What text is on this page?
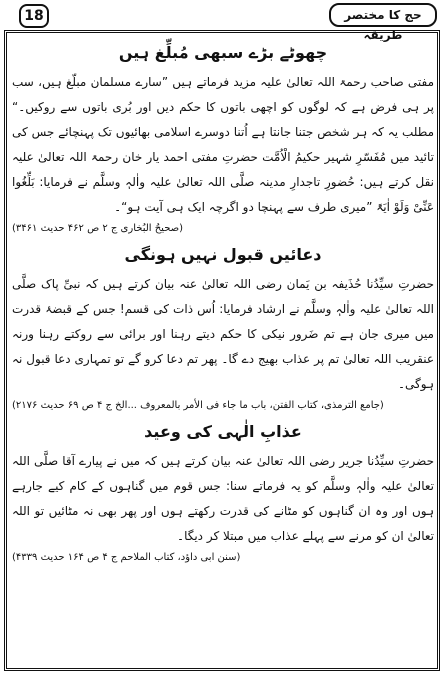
18	حج کا مختصر طریقہ
چھوٹے بڑے سبھی مُبلِّغ ہیں

مفتی صاحب رحمۃ اللہ تعالیٰ علیہ مزید فرماتے ہیں ”سارے مسلمان مبلّغ ہیں، سب پر ہی فرض ہے کہ لوگوں کو اچھی باتوں کا حکم دیں اور بُری باتوں سے روکیں۔“ مطلب یہ کہ ہر شخص جتنا جانتا ہے اُتنا دوسرے اسلامی بھائیوں تک پہنچائے جس کی تائید میں مُفَسّرِ شہیر حکیمُ الْاُمَّت حضرتِ مفتی احمد یار خان رحمۃ اللہ تعالیٰ علیہ نقل کرتے ہیں: حُضورِ تاجدارِ مدینہ صلَّی اللہ تعالیٰ علیہ واٰلہٖ وسلَّم نے فرمایا: بَلِّغُوا عَنِّیْ وَلَوْ اٰیَۃً ”میری طرف سے پہنچا دو اگرچہ ایک ہی آیت ہو“۔

(صحیحُ البُخاری ج ۲ ص ۴۶۲ حدیث ۳۴۶۱)

دعائیں قبول نہیں ہونگی

حضرتِ سیِّدُنا حُذَیفہ بن یَمان رضی اللہ تعالیٰ عنہ بیان کرتے ہیں کہ نبیِّ پاک صلَّی اللہ تعالیٰ علیہ واٰلہٖ وسلَّم نے ارشاد فرمایا: اُس ذات کی قسم! جس کے قبضۂ قدرت میں میری جان ہے تم ضَرور نیکی کا حکم دیتے رہنا اور برائی سے روکتے رہنا ورنہ عنقریب اللہ تعالیٰ تم پر عذاب بھیج دے گا۔ پھر تم دعا کرو گے تو تمہاری دعا قبول نہ ہوگی۔

(جامع الترمذی، کتاب الفتن، باب ما جاء فی الأمر بالمعروف ...الخ ج ۴ ص ۶۹ حدیث ۲۱۷۶)

عذابِ الٰہی کی وعید

حضرتِ سیِّدُنا جریر رضی اللہ تعالیٰ عنہ بیان کرتے ہیں کہ میں نے پیارے آقا صلَّی اللہ تعالیٰ علیہ واٰلہٖ وسلَّم کو یہ فرماتے سنا: جس قوم میں گناہوں کے کام کیے جارہے ہوں اور وہ ان گناہوں کو مٹانے کی قدرت رکھتے ہوں اور پھر بھی نہ مٹائیں تو اللہ تعالیٰ ان کو مرنے سے پہلے عذاب میں مبتلا کر دیگا۔

(سنن ابی داؤد، کتاب الملاحم ج ۴ ص ۱۶۴ حدیث ۴۳۳۹)
